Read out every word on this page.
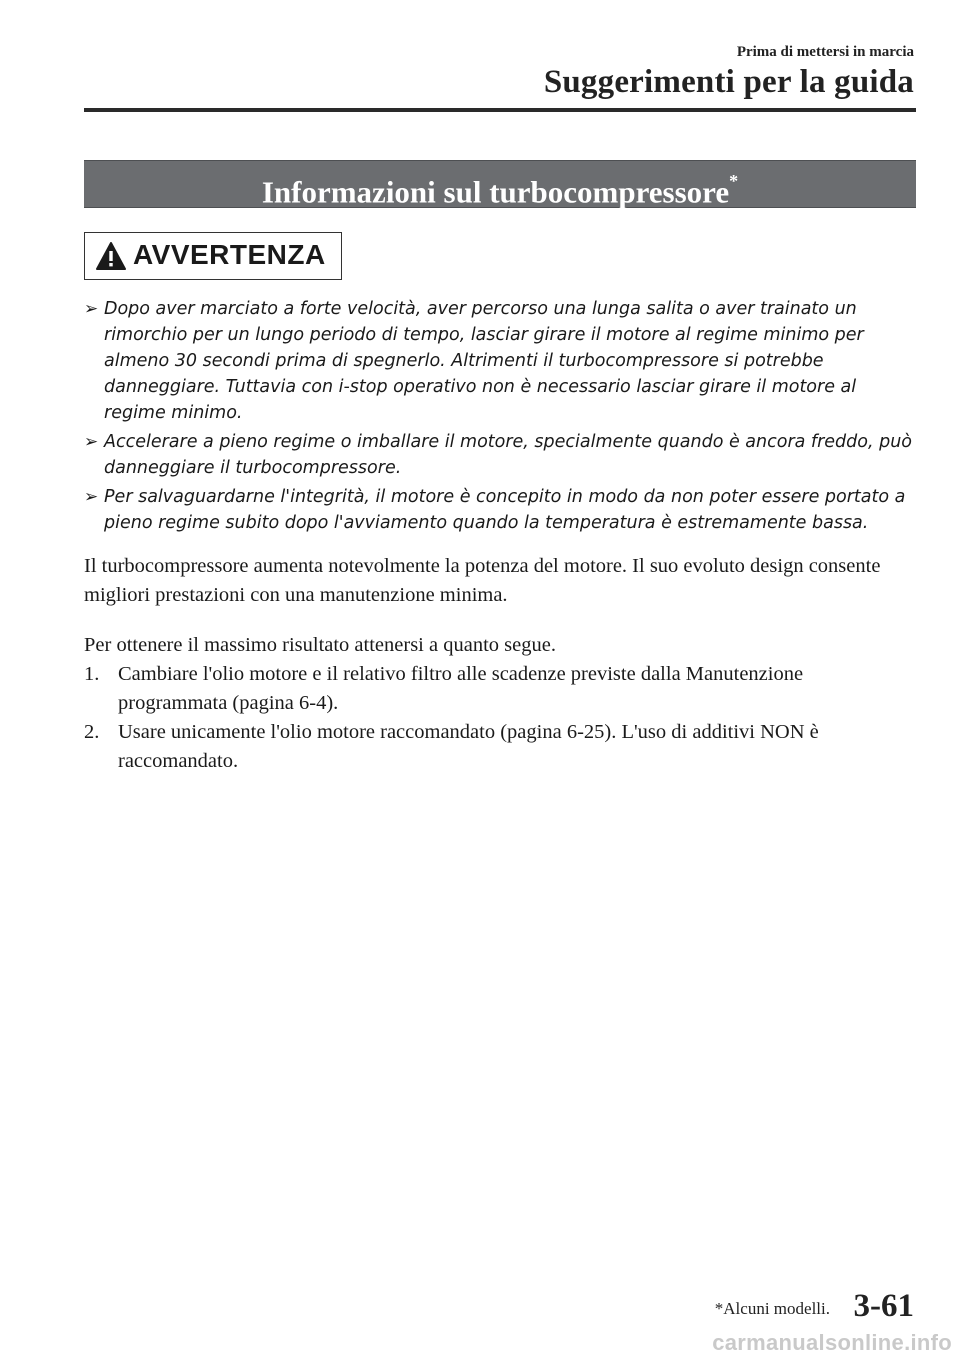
Prima di mettersi in marcia
Suggerimenti per la guida
Informazioni sul turbocompressore*
AVVERTENZA
➢ Dopo aver marciato a forte velocità, aver percorso una lunga salita o aver trainato un rimorchio per un lungo periodo di tempo, lasciar girare il motore al regime minimo per almeno 30 secondi prima di spegnerlo. Altrimenti il turbocompressore si potrebbe danneggiare. Tuttavia con i-stop operativo non è necessario lasciar girare il motore al regime minimo.
➢ Accelerare a pieno regime o imballare il motore, specialmente quando è ancora freddo, può danneggiare il turbocompressore.
➢ Per salvaguardarne l'integrità, il motore è concepito in modo da non poter essere portato a pieno regime subito dopo l'avviamento quando la temperatura è estremamente bassa.

Il turbocompressore aumenta notevolmente la potenza del motore. Il suo evoluto design consente migliori prestazioni con una manutenzione minima.

Per ottenere il massimo risultato attenersi a quanto segue.

1. Cambiare l'olio motore e il relativo filtro alle scadenze previste dalla Manutenzione programmata (pagina 6-4).
2. Usare unicamente l'olio motore raccomandato (pagina 6-25). L'uso di additivi NON è raccomandato.
*Alcuni modelli. 3-61
carmanualsonline.info
